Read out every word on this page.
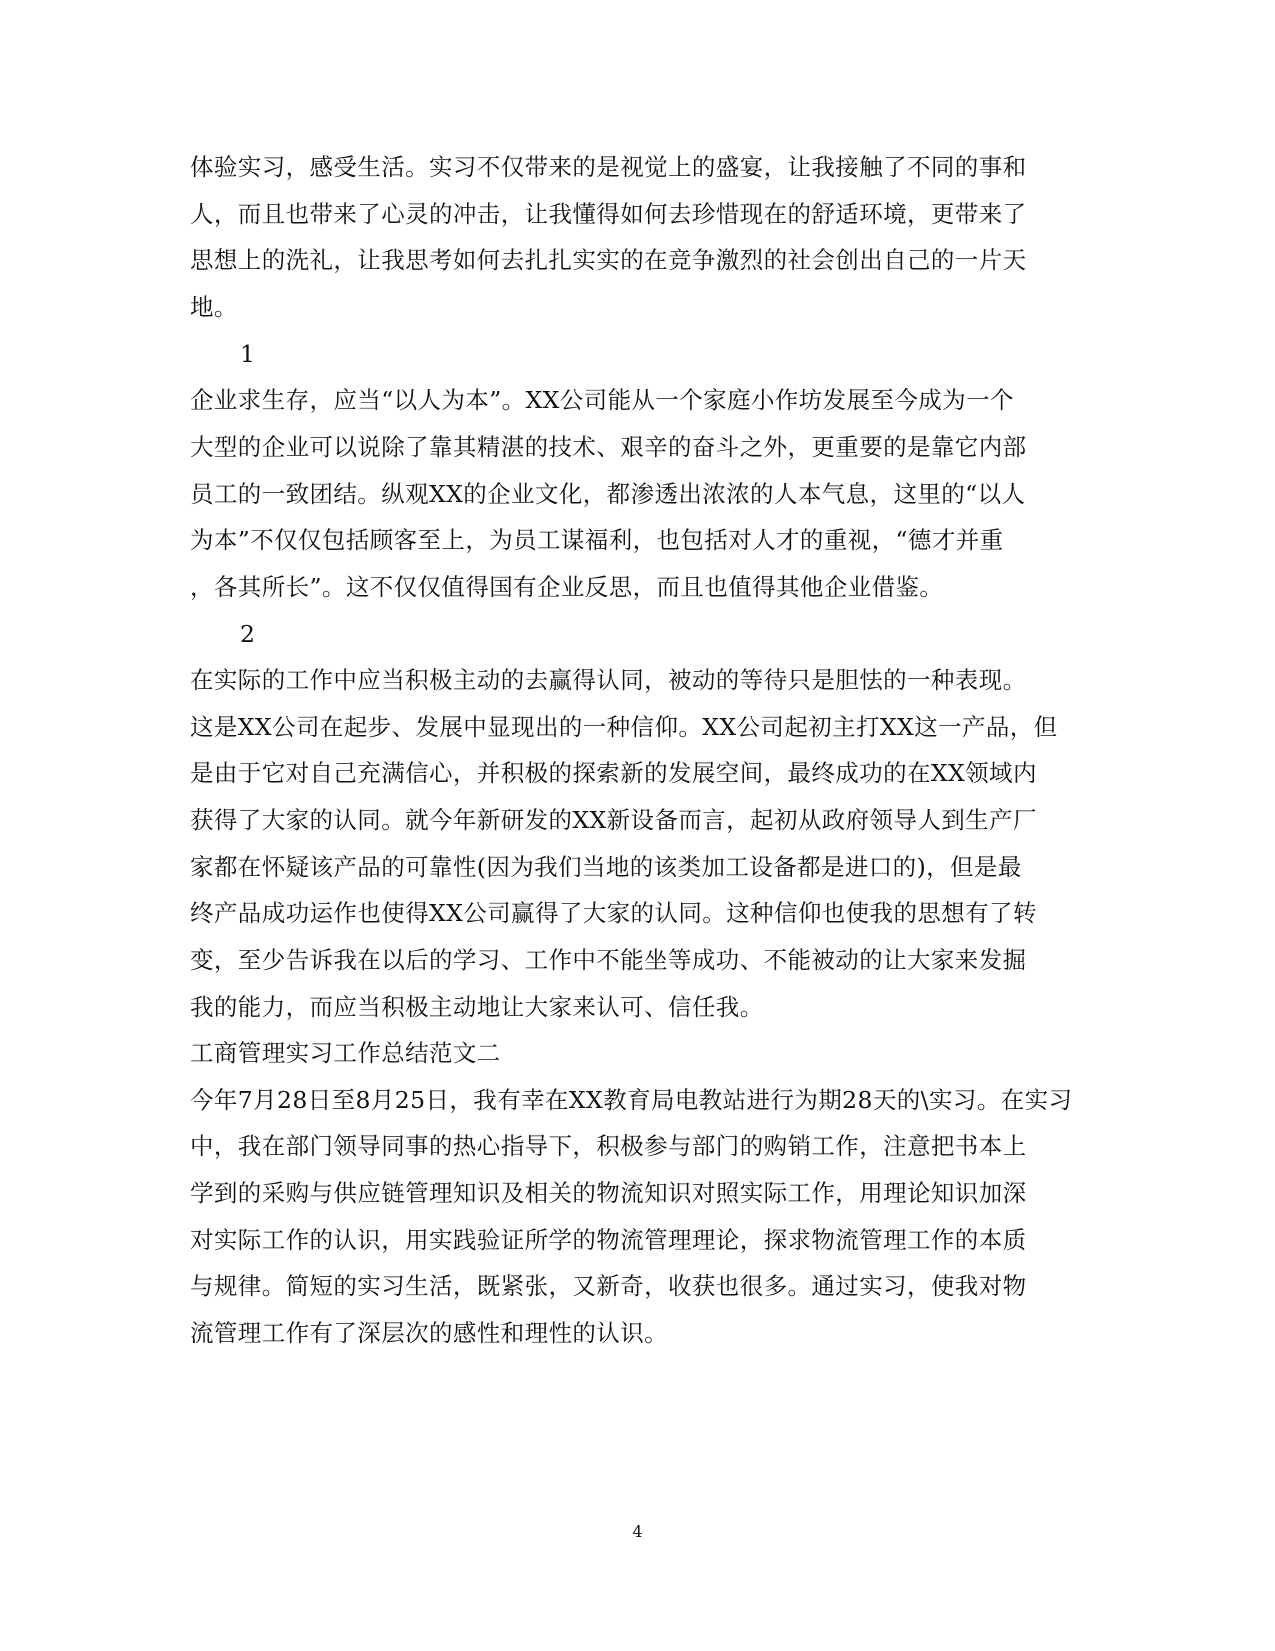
体验实习，感受生活。实习不仅带来的是视觉上的盛宴，让我接触了不同的事和

人，而且也带来了心灵的冲击，让我懂得如何去珍惜现在的舒适环境，更带来了

思想上的洗礼，让我思考如何去扎扎实实的在竞争激烈的社会创出自己的一片天

地。

1

企业求生存，应当“以人为本”。XX公司能从一个家庭小作坊发展至今成为一个

大型的企业可以说除了靠其精湛的技术、艰辛的奋斗之外，更重要的是靠它内部

员工的一致团结。纵观XX的企业文化，都渗透出浓浓的人本气息，这里的“以人

为本”不仅仅包括顾客至上，为员工谋福利，也包括对人才的重视，“德才并重

，各其所长”。这不仅仅值得国有企业反思，而且也值得其他企业借鉴。

2

在实际的工作中应当积极主动的去赢得认同，被动的等待只是胆怯的一种表现。

这是XX公司在起步、发展中显现出的一种信仰。XX公司起初主打XX这一产品，但

是由于它对自己充满信心，并积极的探索新的发展空间，最终成功的在XX领域内

获得了大家的认同。就今年新研发的XX新设备而言，起初从政府领导人到生产厂

家都在怀疑该产品的可靠性(因为我们当地的该类加工设备都是进口的)，但是最

终产品成功运作也使得XX公司赢得了大家的认同。这种信仰也使我的思想有了转

变，至少告诉我在以后的学习、工作中不能坐等成功、不能被动的让大家来发掘

我的能力，而应当积极主动地让大家来认可、信任我。

工商管理实习工作总结范文二

今年7月28日至8月25日，我有幸在XX教育局电教站进行为期28天的\实习。在实习

中，我在部门领导同事的热心指导下，积极参与部门的购销工作，注意把书本上

学到的采购与供应链管理知识及相关的物流知识对照实际工作，用理论知识加深

对实际工作的认识，用实践验证所学的物流管理理论，探求物流管理工作的本质

与规律。简短的实习生活，既紧张，又新奇，收获也很多。通过实习，使我对物

流管理工作有了深层次的感性和理性的认识。

4
